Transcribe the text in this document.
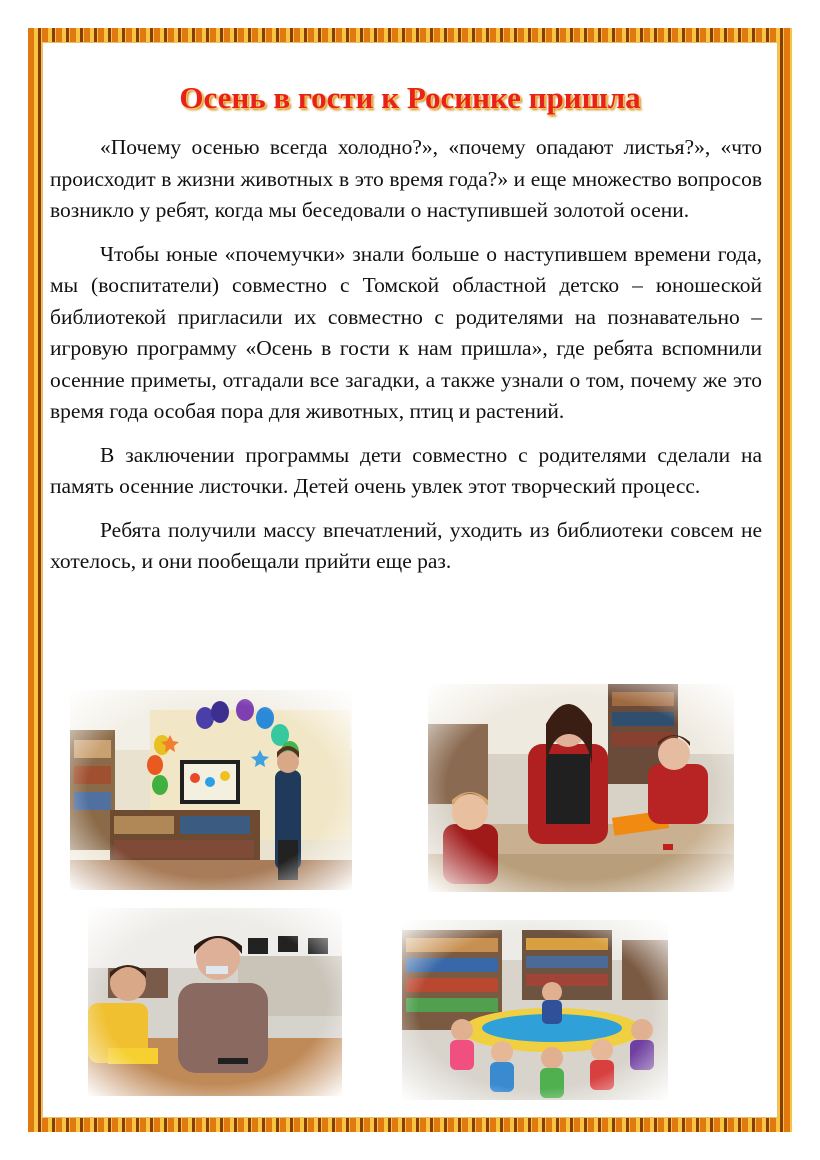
Осень в гости к Росинке пришла

«Почему осенью всегда холодно?», «почему опадают листья?», «что происходит в жизни животных в это время года?» и еще множество вопросов возникло у ребят, когда мы беседовали о наступившей золотой осени.

Чтобы юные «почемучки» знали больше о наступившем времени года, мы (воспитатели) совместно с Томской областной детско – юношеской библиотекой пригласили их совместно с родителями на познавательно – игровую программу «Осень в гости к нам пришла», где ребята вспомнили осенние приметы, отгадали все загадки, а также узнали о том, почему же это время года особая пора для животных, птиц и растений.

В заключении программы дети совместно с родителями сделали на память осенние листочки. Детей очень увлек этот творческий процесс.

Ребята получили массу впечатлений, уходить из библиотеки совсем не хотелось, и они пообещали прийти еще раз.
